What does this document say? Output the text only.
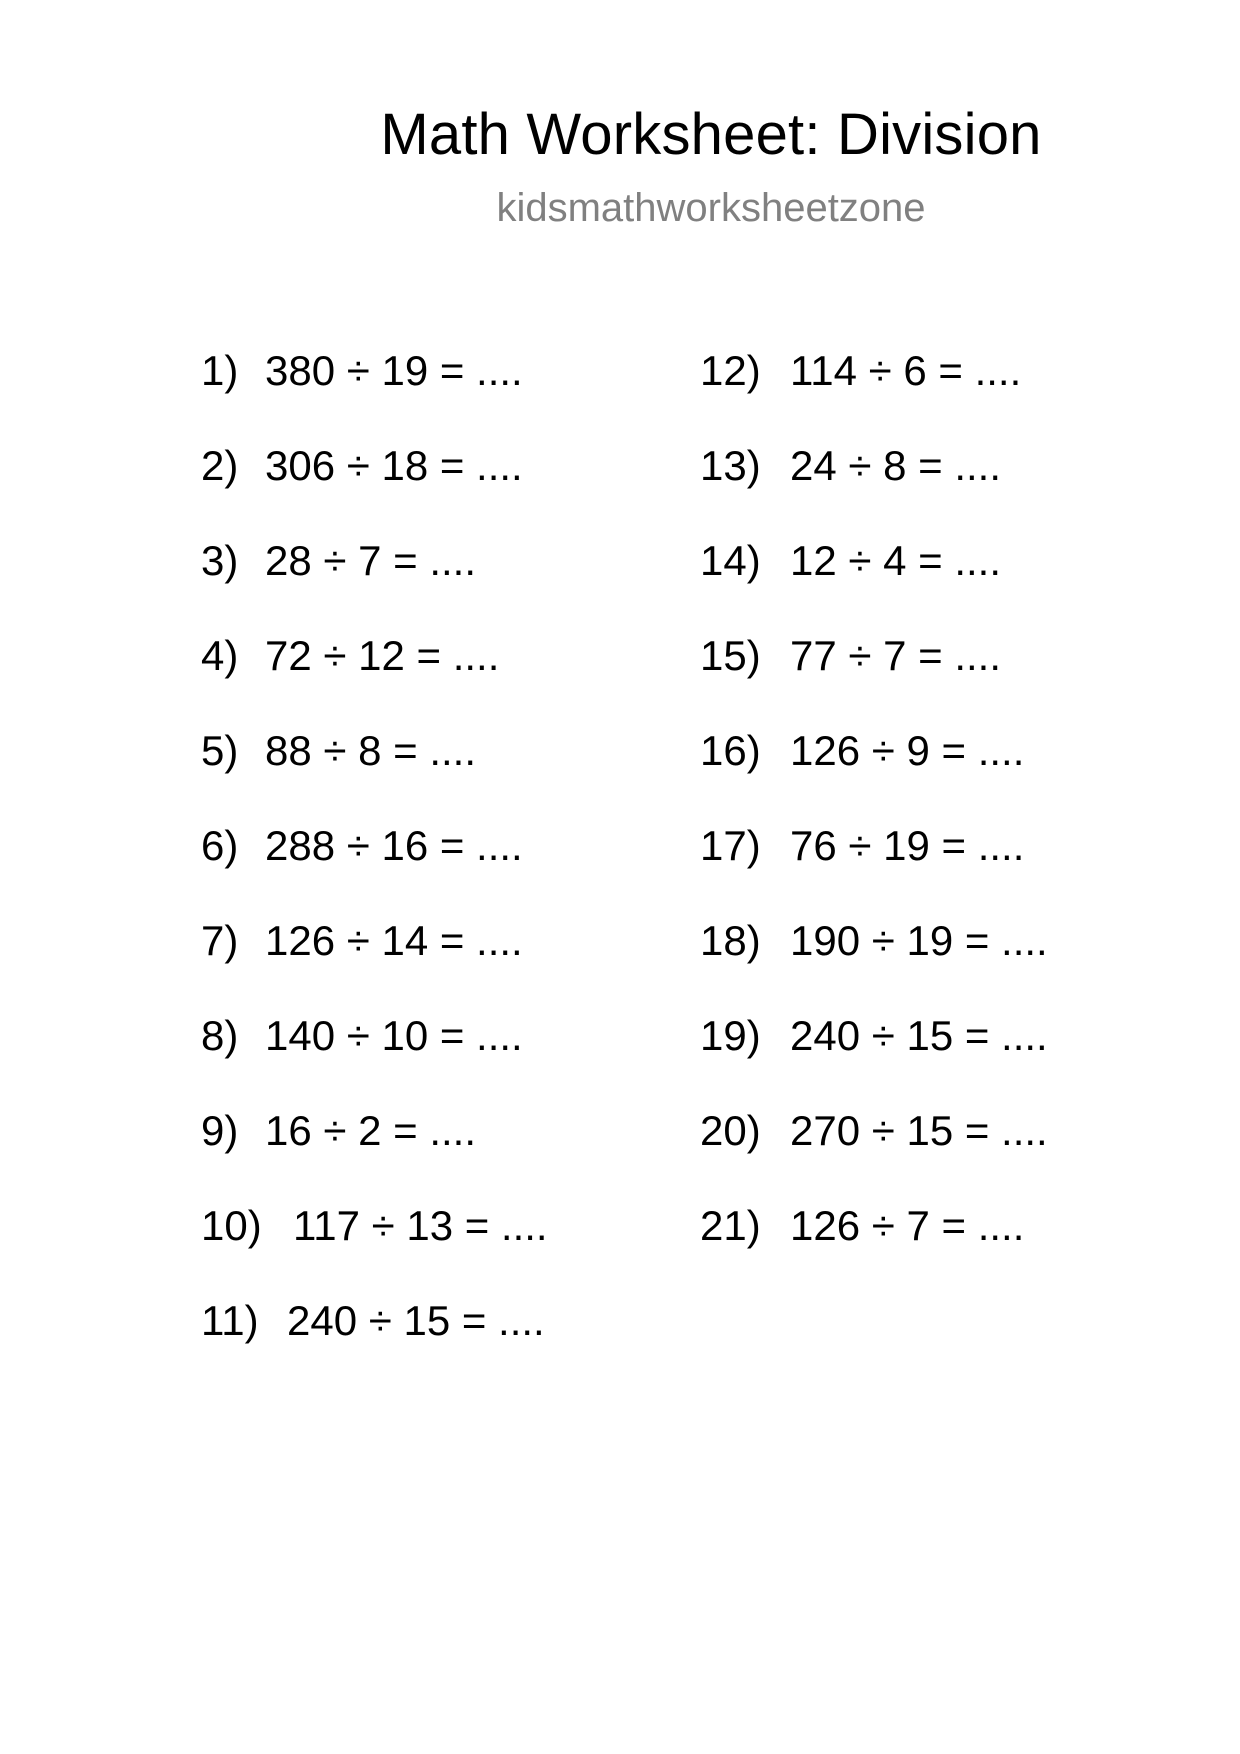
Math Worksheet: Division

kidsmathworksheetzone

1) 380 ÷ 19 = ....
2) 306 ÷ 18 = ....
3) 28 ÷ 7 = ....
4) 72 ÷ 12 = ....
5) 88 ÷ 8 = ....
6) 288 ÷ 16 = ....
7) 126 ÷ 14 = ....
8) 140 ÷ 10 = ....
9) 16 ÷ 2 = ....
10) 117 ÷ 13 = ....
11) 240 ÷ 15 = ....
12) 114 ÷ 6 = ....
13) 24 ÷ 8 = ....
14) 12 ÷ 4 = ....
15) 77 ÷ 7 = ....
16) 126 ÷ 9 = ....
17) 76 ÷ 19 = ....
18) 190 ÷ 19 = ....
19) 240 ÷ 15 = ....
20) 270 ÷ 15 = ....
21) 126 ÷ 7 = ....
